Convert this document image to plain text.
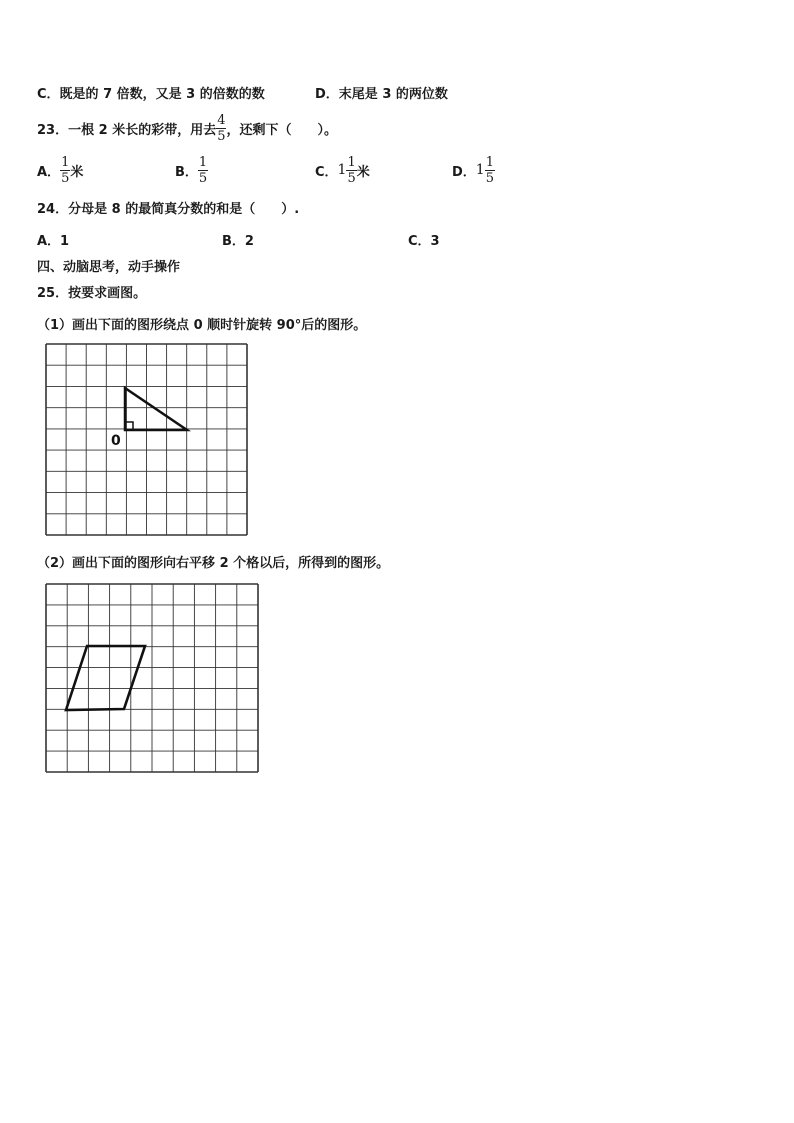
C．既是的 7 倍数，又是 3 的倍数的数	D．末尾是 3 的两位数
23．一根 2 米长的彩带，用去 $\frac{4}{5}$ ，还剩下（　　）。
A． $\frac{1}{5}$ 米	B． $\frac{1}{5}$	C． $1 \frac{1}{5}$ 米	D． $1 \frac{1}{5}$
24．分母是 8 的最简真分数的和是（　　）.
A．1	B．2	C．3
四、动脑思考，动手操作
25．按要求画图。
（1）画出下面的图形绕点 0 顺时针旋转 90°后的图形。
0
（2）画出下面的图形向右平移 2 个格以后，所得到的图形。
